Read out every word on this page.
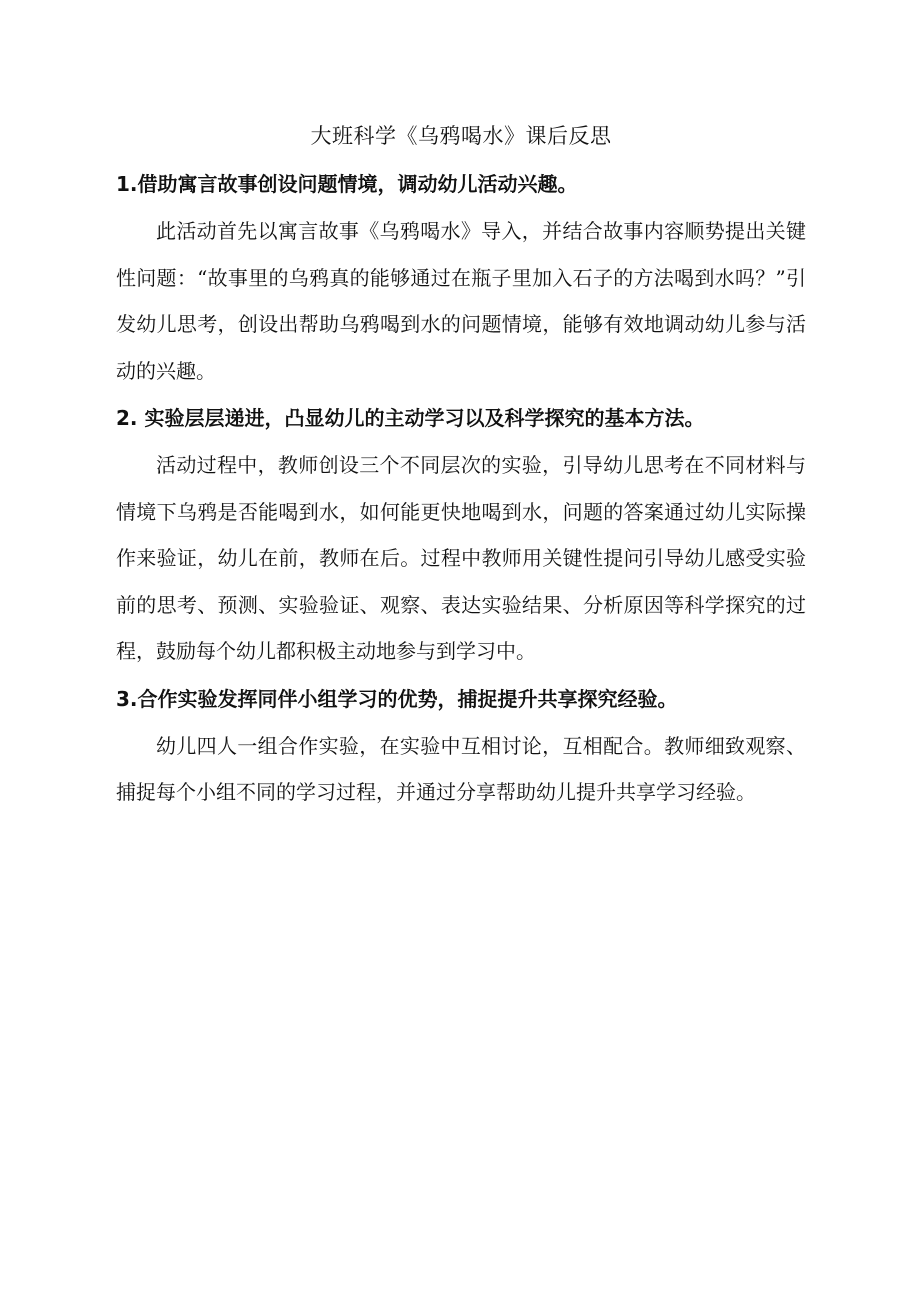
大班科学《乌鸦喝水》课后反思

1.借助寓言故事创设问题情境，调动幼儿活动兴趣。

此活动首先以寓言故事《乌鸦喝水》导入，并结合故事内容顺势提出关键性问题：“故事里的乌鸦真的能够通过在瓶子里加入石子的方法喝到水吗？”引发幼儿思考，创设出帮助乌鸦喝到水的问题情境，能够有效地调动幼儿参与活动的兴趣。

2. 实验层层递进，凸显幼儿的主动学习以及科学探究的基本方法。

活动过程中，教师创设三个不同层次的实验，引导幼儿思考在不同材料与情境下乌鸦是否能喝到水，如何能更快地喝到水，问题的答案通过幼儿实际操作来验证，幼儿在前，教师在后。过程中教师用关键性提问引导幼儿感受实验前的思考、预测、实验验证、观察、表达实验结果、分析原因等科学探究的过程，鼓励每个幼儿都积极主动地参与到学习中。

3.合作实验发挥同伴小组学习的优势，捕捉提升共享探究经验。

幼儿四人一组合作实验，在实验中互相讨论，互相配合。教师细致观察、捕捉每个小组不同的学习过程，并通过分享帮助幼儿提升共享学习经验。
